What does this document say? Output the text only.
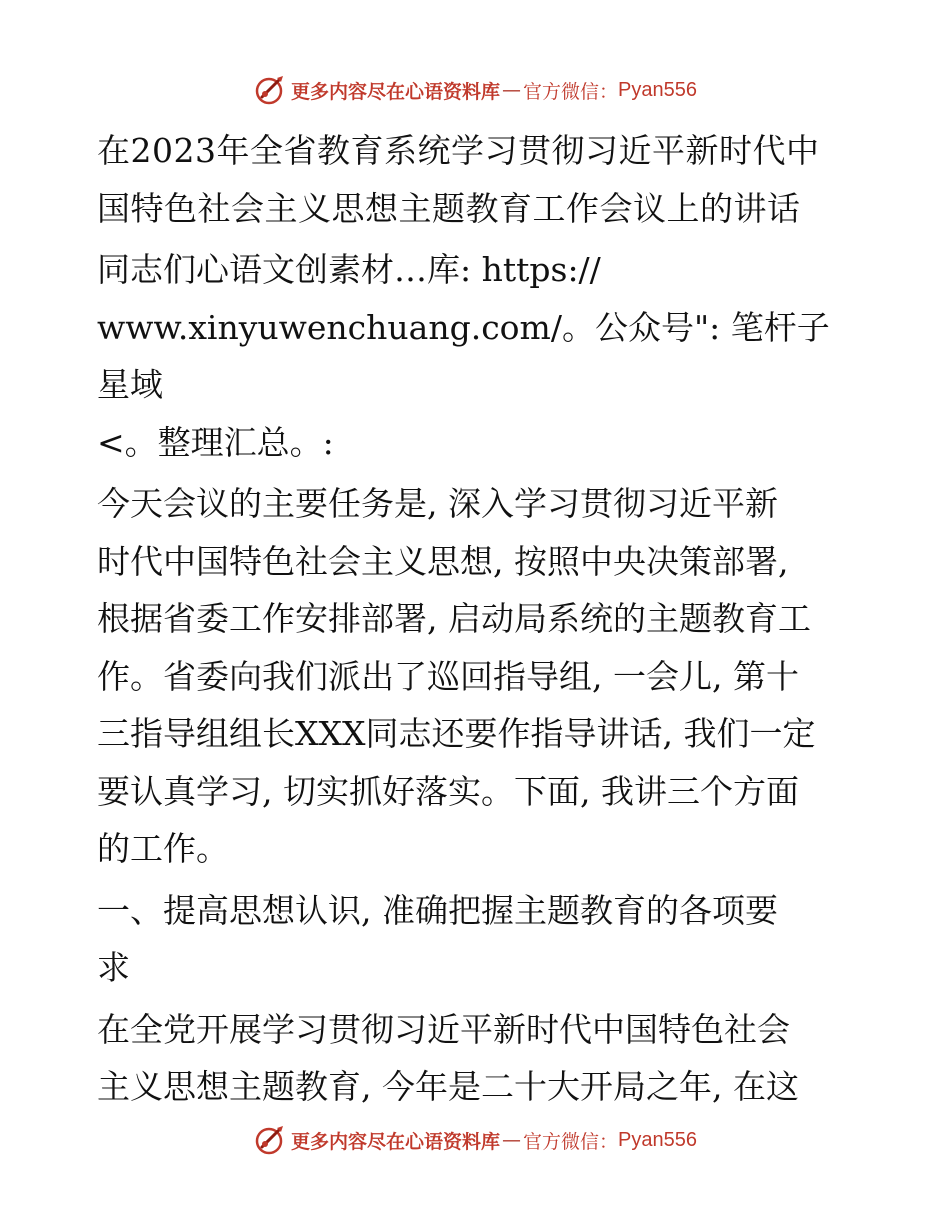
更多内容尽在心语资料库 — 官方微信： Pyan556

在2023年全省教育系统学习贯彻习近平新时代中

国特色社会主义思想主题教育工作会议上的讲话

同志们心语文创素材…库: https://

www.xinyuwenchuang.com/。公众号": 笔杆子星域

<。整理汇总。:

今天会议的主要任务是, 深入学习贯彻习近平新

时代中国特色社会主义思想, 按照中央决策部署,

根据省委工作安排部署, 启动局系统的主题教育工

作。省委向我们派出了巡回指导组, 一会儿, 第十

三指导组组长XXX同志还要作指导讲话, 我们一定

要认真学习, 切实抓好落实。下面, 我讲三个方面

的工作。

一、提高思想认识, 准确把握主题教育的各项要

求

在全党开展学习贯彻习近平新时代中国特色社会

主义思想主题教育, 今年是二十大开局之年, 在这

更多内容尽在心语资料库 — 官方微信： Pyan556
